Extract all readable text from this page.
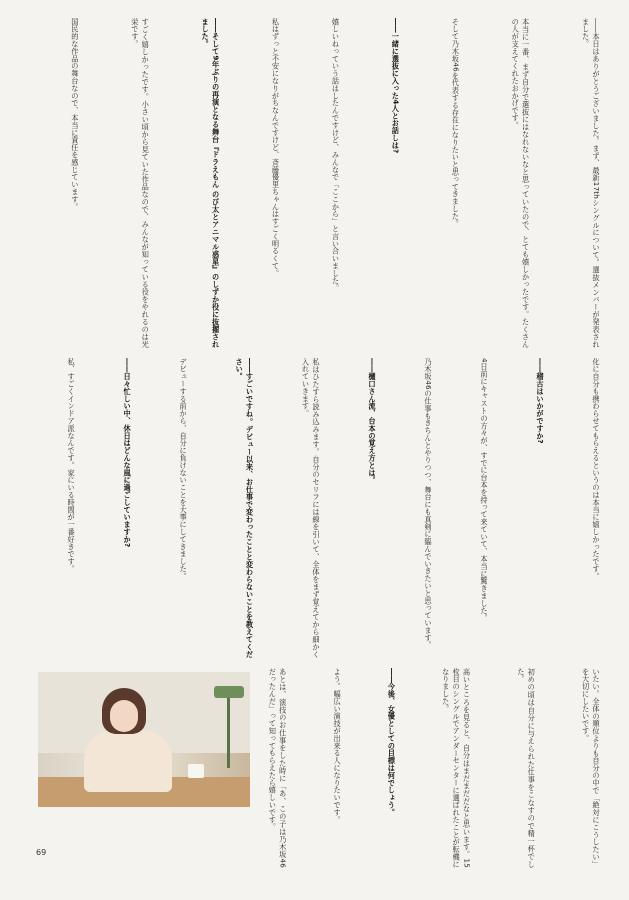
――本日はありがとうございました。まず、最新17thシングルについて。選抜メンバーが発表されました。
本当に一番、まず自分で選抜にはなれないなと思っていたので、とても嬉しかったです。たくさんの人が支えてくれたおかげです。
そして乃木坂46を代表する存在になりたいと思ってきました。
――一緒に選抜に入った4人とお話しは?
嬉しいねっていう話はしたんですけど、みんなで「ここから」と言い合いました。
私はずっと不安になりがちなんですけど、斉藤優里ちゃんはすごく明るくて。
――そして9年ぶりの再演となる舞台『ドラえもん のび太とアニマル惑星』のしずか役に抜擢されました。
すごく嬉しかったです。小さい頃から見ていた作品なので、みんなが知っている役をやれるのは光栄です。
国民的な作品の舞台なので、本当に責任を感じています。
化に自分も携わらせてもらえるというのは本当に嬉しかったです。
――稽古はいかがですか?
4日前にキャストの方々が、すでに台本を持って来ていて、本当に驚きました。
乃木坂46の仕事もきちんとやりつつ、舞台にも真剣に臨んでいきたいと思っています。
――樋口さん流、台本の覚え方とは。
私はひたすら読み込みます。自分のセリフには線を引いて、全体をまず覚えてから細かく入れていきます。
――すごいですね。デビュー以来、お仕事で変わったことと変わらないことを教えてください。
デビューする前から、自分に負けないことを大事にしてきました。
――日々忙しい中、休日はどんな風に過ごしていますか?
私、すごくインドア派なんです。家にいる時間が一番好きです。
いたい。全体の順位よりも自分の中で「絶対にこうしたい」を大切にしたいです。
初めの頃は自分に与えられた仕事をこなすので精一杯でした。
高いところを見ると、自分はまだまだだなと思います。15枚目のシングルでアンダーセンターに選ばれたことが転機になりました。
――今後、女優としての目標は何でしょう。
よう。幅広い演技が出来る人になりたいです。
あとは、演技のお仕事をした時に「あ、この子は乃木坂46だったんだ」って知ってもらえたら嬉しいです。
69
